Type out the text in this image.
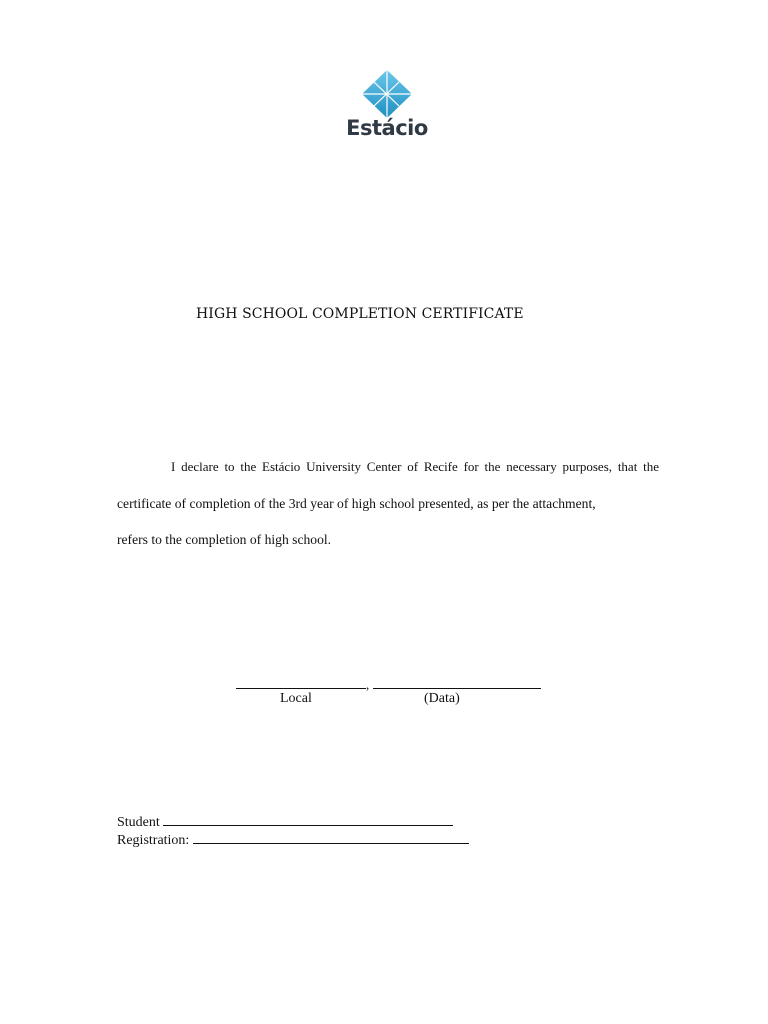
Estácio
HIGH SCHOOL COMPLETION CERTIFICATE
I declare to the Estácio University Center of Recife for the necessary purposes, that the
certificate of completion of the 3rd year of high school presented, as per the attachment,
refers to the completion of high school.
,
Local	(Data)
Student
Registration:
